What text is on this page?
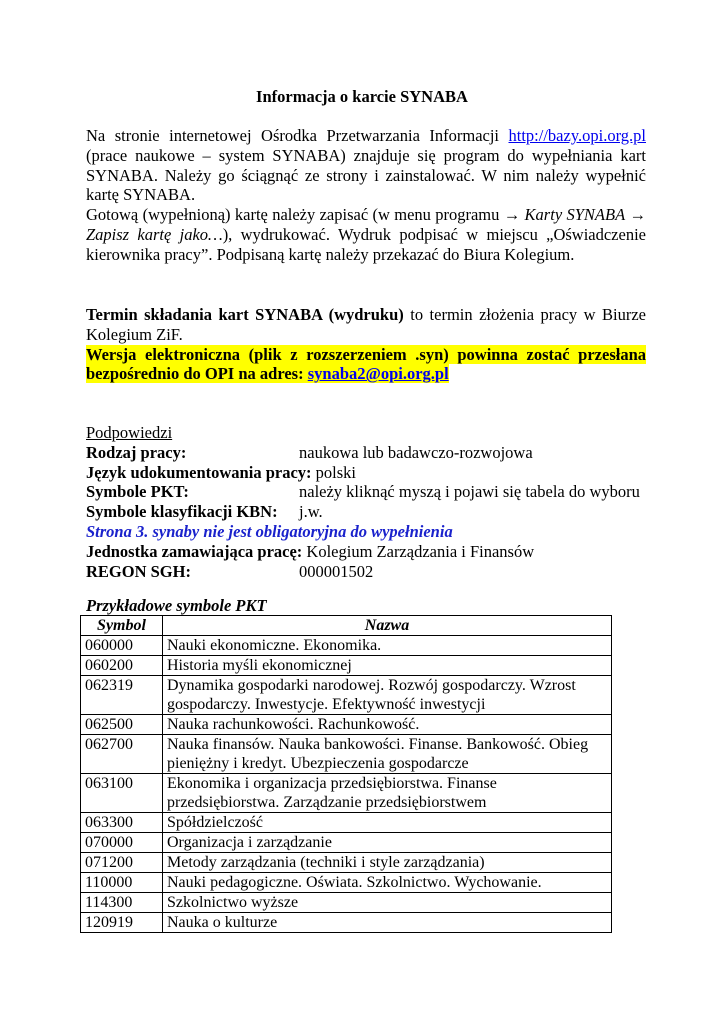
Informacja o karcie SYNABA

Na stronie internetowej Ośrodka Przetwarzania Informacji http://bazy.opi.org.pl (prace naukowe – system SYNABA) znajduje się program do wypełniania kart SYNABA. Należy go ściągnąć ze strony i zainstalować. W nim należy wypełnić kartę SYNABA.

Gotową (wypełnioną) kartę należy zapisać (w menu programu → Karty SYNABA → Zapisz kartę jako…), wydrukować. Wydruk podpisać w miejscu „Oświadczenie kierownika pracy”. Podpisaną kartę należy przekazać do Biura Kolegium.

Termin składania kart SYNABA (wydruku) to termin złożenia pracy w Biurze Kolegium ZiF.

Wersja elektroniczna (plik z rozszerzeniem .syn) powinna zostać przesłana bezpośrednio do OPI na adres: synaba2@opi.org.pl

Podpowiedzi
Rodzaj pracy:	naukowa lub badawczo-rozwojowa
Język udokumentowania pracy: polski
Symbole PKT:	należy kliknąć myszą i pojawi się tabela do wyboru
Symbole klasyfikacji KBN: j.w.
Strona 3. synaby nie jest obligatoryjna do wypełnienia
Jednostka zamawiająca pracę: Kolegium Zarządzania i Finansów
REGON SGH:	000001502
Przykładowe symbole PKT
Symbol	Nazwa
060000	Nauki ekonomiczne. Ekonomika.
060200	Historia myśli ekonomicznej
062319	Dynamika gospodarki narodowej. Rozwój gospodarczy. Wzrost gospodarczy. Inwestycje. Efektywność inwestycji
062500	Nauka rachunkowości. Rachunkowość.
062700	Nauka finansów. Nauka bankowości. Finanse. Bankowość. Obieg pieniężny i kredyt. Ubezpieczenia gospodarcze
063100	Ekonomika i organizacja przedsiębiorstwa. Finanse przedsiębiorstwa. Zarządzanie przedsiębiorstwem
063300	Spółdzielczość
070000	Organizacja i zarządzanie
071200	Metody zarządzania (techniki i style zarządzania)
110000	Nauki pedagogiczne. Oświata. Szkolnictwo. Wychowanie.
114300	Szkolnictwo wyższe
120919	Nauka o kulturze
